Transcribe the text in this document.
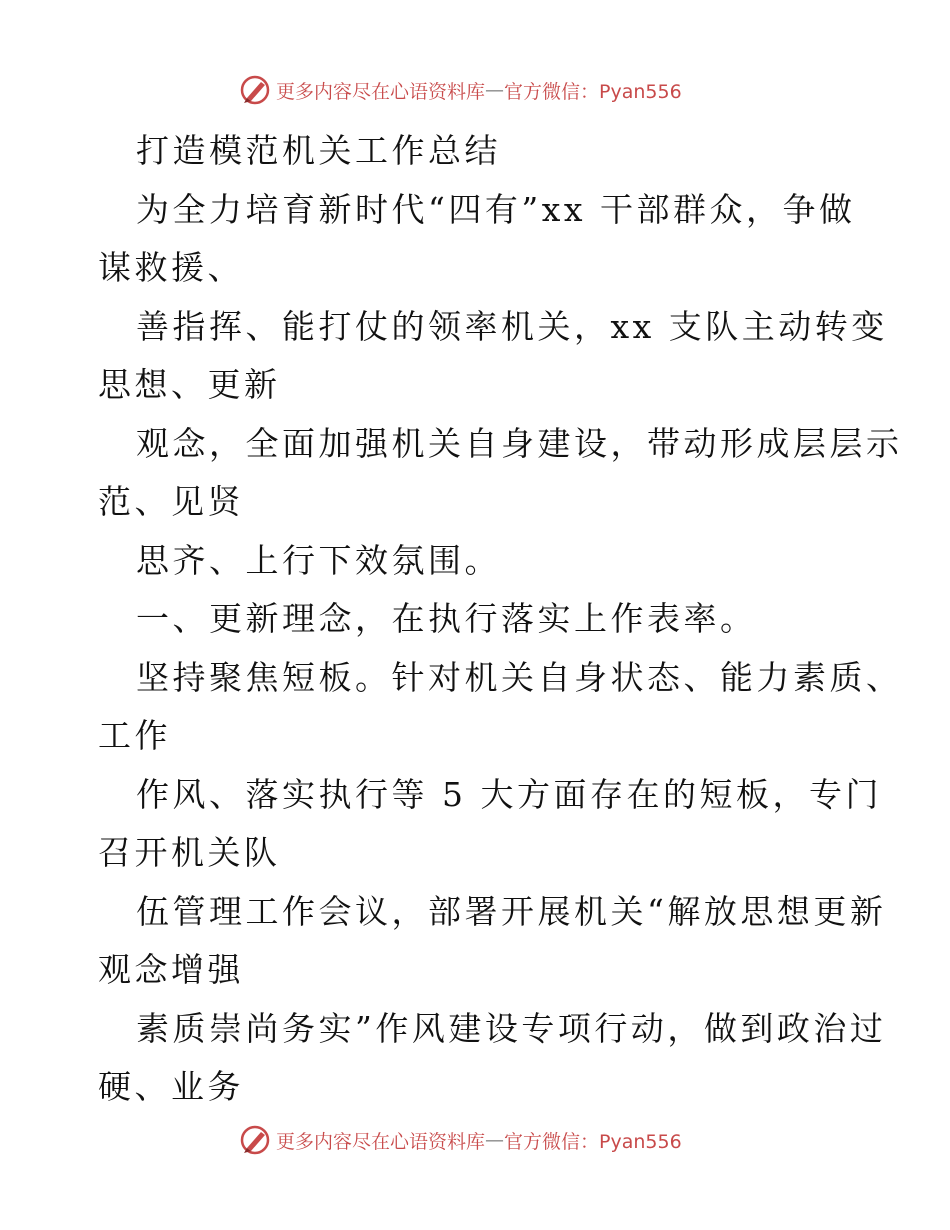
更多内容尽在心语资料库 — 官方微信：Pyan556
打造模范机关工作总结
为全力培育新时代“四有”xx 干部群众，争做
谋救援、
善指挥、能打仗的领率机关，xx 支队主动转变
思想、更新
观念，全面加强机关自身建设，带动形成层层示
范、见贤
思齐、上行下效氛围。
一、更新理念，在执行落实上作表率。
坚持聚焦短板。针对机关自身状态、能力素质、
工作
作风、落实执行等 5 大方面存在的短板，专门
召开机关队
伍管理工作会议，部署开展机关“解放思想更新
观念增强
素质崇尚务实”作风建设专项行动，做到政治过
硬、业务
更多内容尽在心语资料库 — 官方微信：Pyan556
